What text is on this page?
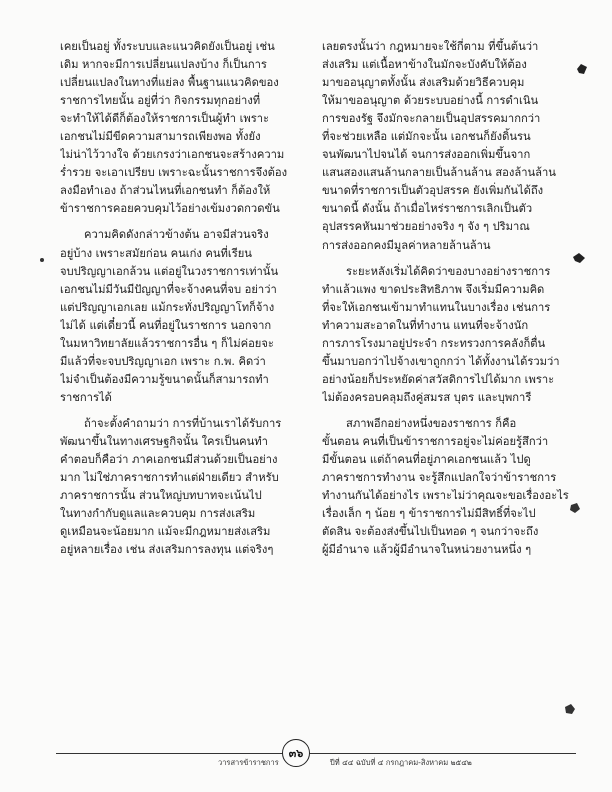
เคยเป็นอยู่ ทั้งระบบและแนวคิดยังเป็นอยู่ เช่น
เดิม หากจะมีการเปลี่ยนแปลงบ้าง ก็เป็นการ
เปลี่ยนแปลงในทางที่แย่ลง พื้นฐานแนวคิดของ
ราชการไทยนั้น อยู่ที่ว่า กิจกรรมทุกอย่างที่
จะทำให้ได้ดีก็ต้องให้ราชการเป็นผู้ทำ เพราะ
เอกชนไม่มีขีดความสามารถเพียงพอ ทั้งยัง
ไม่น่าไว้วางใจ ด้วยเกรงว่าเอกชนจะสร้างความ
ร่ำรวย จะเอาเปรียบ เพราะฉะนั้นราชการจึงต้อง
ลงมือทำเอง ถ้าส่วนไหนที่เอกชนทำ ก็ต้องให้
ข้าราชการคอยควบคุมไว้อย่างเข้มงวดกวดขัน

ความคิดดังกล่าวข้างต้น อาจมีส่วนจริง
อยู่บ้าง เพราะสมัยก่อน คนเก่ง คนที่เรียน
จบปริญญาเอกล้วน แต่อยู่ในวงราชการเท่านั้น
เอกชนไม่มีวันมีปัญญาที่จะจ้างคนที่จบ อย่าว่า
แต่ปริญญาเอกเลย แม้กระทั่งปริญญาโทก็จ้าง
ไม่ได้ แต่เดี๋ยวนี้ คนที่อยู่ในราชการ นอกจาก
ในมหาวิทยาลัยแล้วราชการอื่น ๆ ก็ไม่ค่อยจะ
มีแล้วที่จะจบปริญญาเอก เพราะ ก.พ. คิดว่า
ไม่จำเป็นต้องมีความรู้ขนาดนั้นก็สามารถทำ
ราชการได้

ถ้าจะตั้งคำถามว่า การที่บ้านเราได้รับการ
พัฒนาขึ้นในทางเศรษฐกิจนั้น ใครเป็นคนทำ
คำตอบก็คือว่า ภาคเอกชนมีส่วนด้วยเป็นอย่าง
มาก ไม่ใช่ภาคราชการทำแต่ฝ่ายเดียว สำหรับ
ภาคราชการนั้น ส่วนใหญ่บทบาทจะเน้นไป
ในทางกำกับดูแลและควบคุม การส่งเสริม
ดูเหมือนจะน้อยมาก แม้จะมีกฎหมายส่งเสริม
อยู่หลายเรื่อง เช่น ส่งเสริมการลงทุน แต่จริงๆ

เลยตรงนั้นว่า กฎหมายจะใช้กี่ตาม ที่ขึ้นต้นว่า
ส่งเสริม แต่เนื้อหาข้างในมักจะบังคับให้ต้อง
มาขออนุญาตทั้งนั้น ส่งเสริมด้วยวิธีควบคุม
ให้มาขออนุญาต ด้วยระบบอย่างนี้ การดำเนิน
การของรัฐ จึงมักจะกลายเป็นอุปสรรคมากกว่า
ที่จะช่วยเหลือ แต่มักจะนั้น เอกชนก็ยังดิ้นรน
จนพัฒนาไปจนได้ จนการส่งออกเพิ่มขึ้นจาก
แสนสองแสนล้านกลายเป็นล้านล้าน สองล้านล้าน
ขนาดที่ราชการเป็นตัวอุปสรรค ยังเพิ่มกันได้ถึง
ขนาดนี้ ดังนั้น ถ้าเมื่อไหร่ราชการเลิกเป็นตัว
อุปสรรคหันมาช่วยอย่างจริง ๆ จัง ๆ ปริมาณ
การส่งออกคงมีมูลค่าหลายล้านล้าน

ระยะหลังเริ่มได้คิดว่าของบางอย่างราชการ
ทำแล้วแพง ขาดประสิทธิภาพ จึงเริ่มมีความคิด
ที่จะให้เอกชนเข้ามาทำแทนในบางเรื่อง เช่นการ
ทำความสะอาดในที่ทำงาน แทนที่จะจ้างนัก
การภารโรงมาอยู่ประจำ กระทรวงการคลังก็ตื่น
ขึ้นมาบอกว่าไปจ้างเขาถูกกว่า ได้ทั้งงานได้รวมว่า
อย่างน้อยก็ประหยัดค่าสวัสดิการไปได้มาก เพราะ
ไม่ต้องครอบคลุมถึงคู่สมรส บุตร และบุพการี

สภาพอีกอย่างหนึ่งของราชการ ก็คือ
ขั้นตอน คนที่เป็นข้าราชการอยู่จะไม่ค่อยรู้สึกว่า
มีขั้นตอน แต่ถ้าคนที่อยู่ภาคเอกชนแล้ว ไปดู
ภาคราชการทำงาน จะรู้สึกแปลกใจว่าข้าราชการ
ทำงานกันได้อย่างไร เพราะไม่ว่าคุณจะขอเรื่องอะไร
เรื่องเล็ก ๆ น้อย ๆ ข้าราชการไม่มีสิทธิ์ที่จะไป
ตัดสิน จะต้องส่งขึ้นไปเป็นทอด ๆ จนกว่าจะถึง
ผู้มีอำนาจ แล้วผู้มีอำนาจในหน่วยงานหนึ่ง ๆ

วารสารข้าราชการ
๓๖
ปีที่ ๔๔ ฉบับที่ ๔ กรกฎาคม-สิงหาคม ๒๕๔๒
